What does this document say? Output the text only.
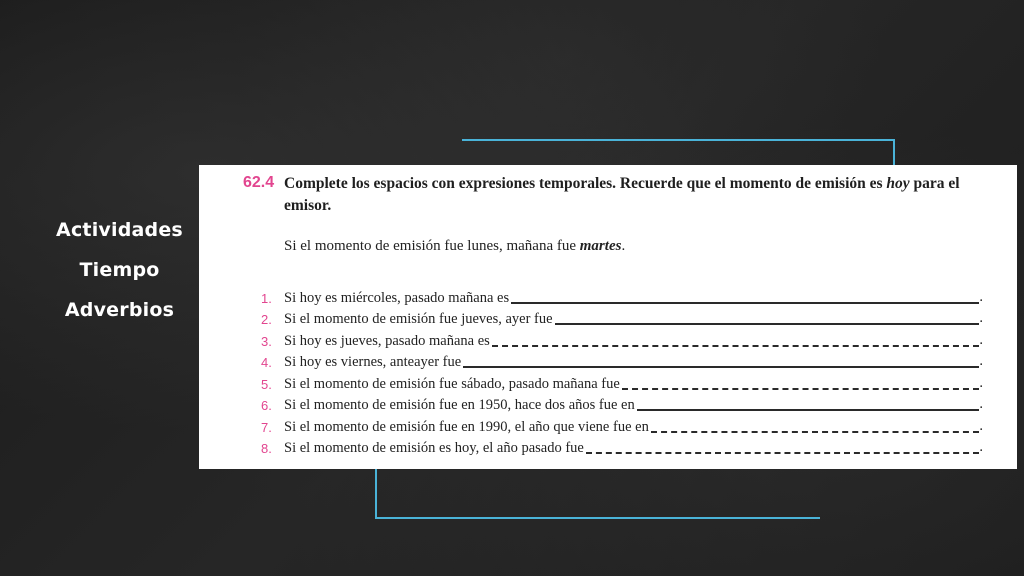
Actividades
Tiempo
Adverbios
62.4 Complete los espacios con expresiones temporales. Recuerde que el momento de emisión es hoy para el emisor.
Si el momento de emisión fue lunes, mañana fue martes.
1. Si hoy es miércoles, pasado mañana es	.
2. Si el momento de emisión fue jueves, ayer fue	.
3. Si hoy es jueves, pasado mañana es	.
4. Si hoy es viernes, anteayer fue	.
5. Si el momento de emisión fue sábado, pasado mañana fue	.
6. Si el momento de emisión fue en 1950, hace dos años fue en	.
7. Si el momento de emisión fue en 1990, el año que viene fue en	.
8. Si el momento de emisión es hoy, el año pasado fue	.
